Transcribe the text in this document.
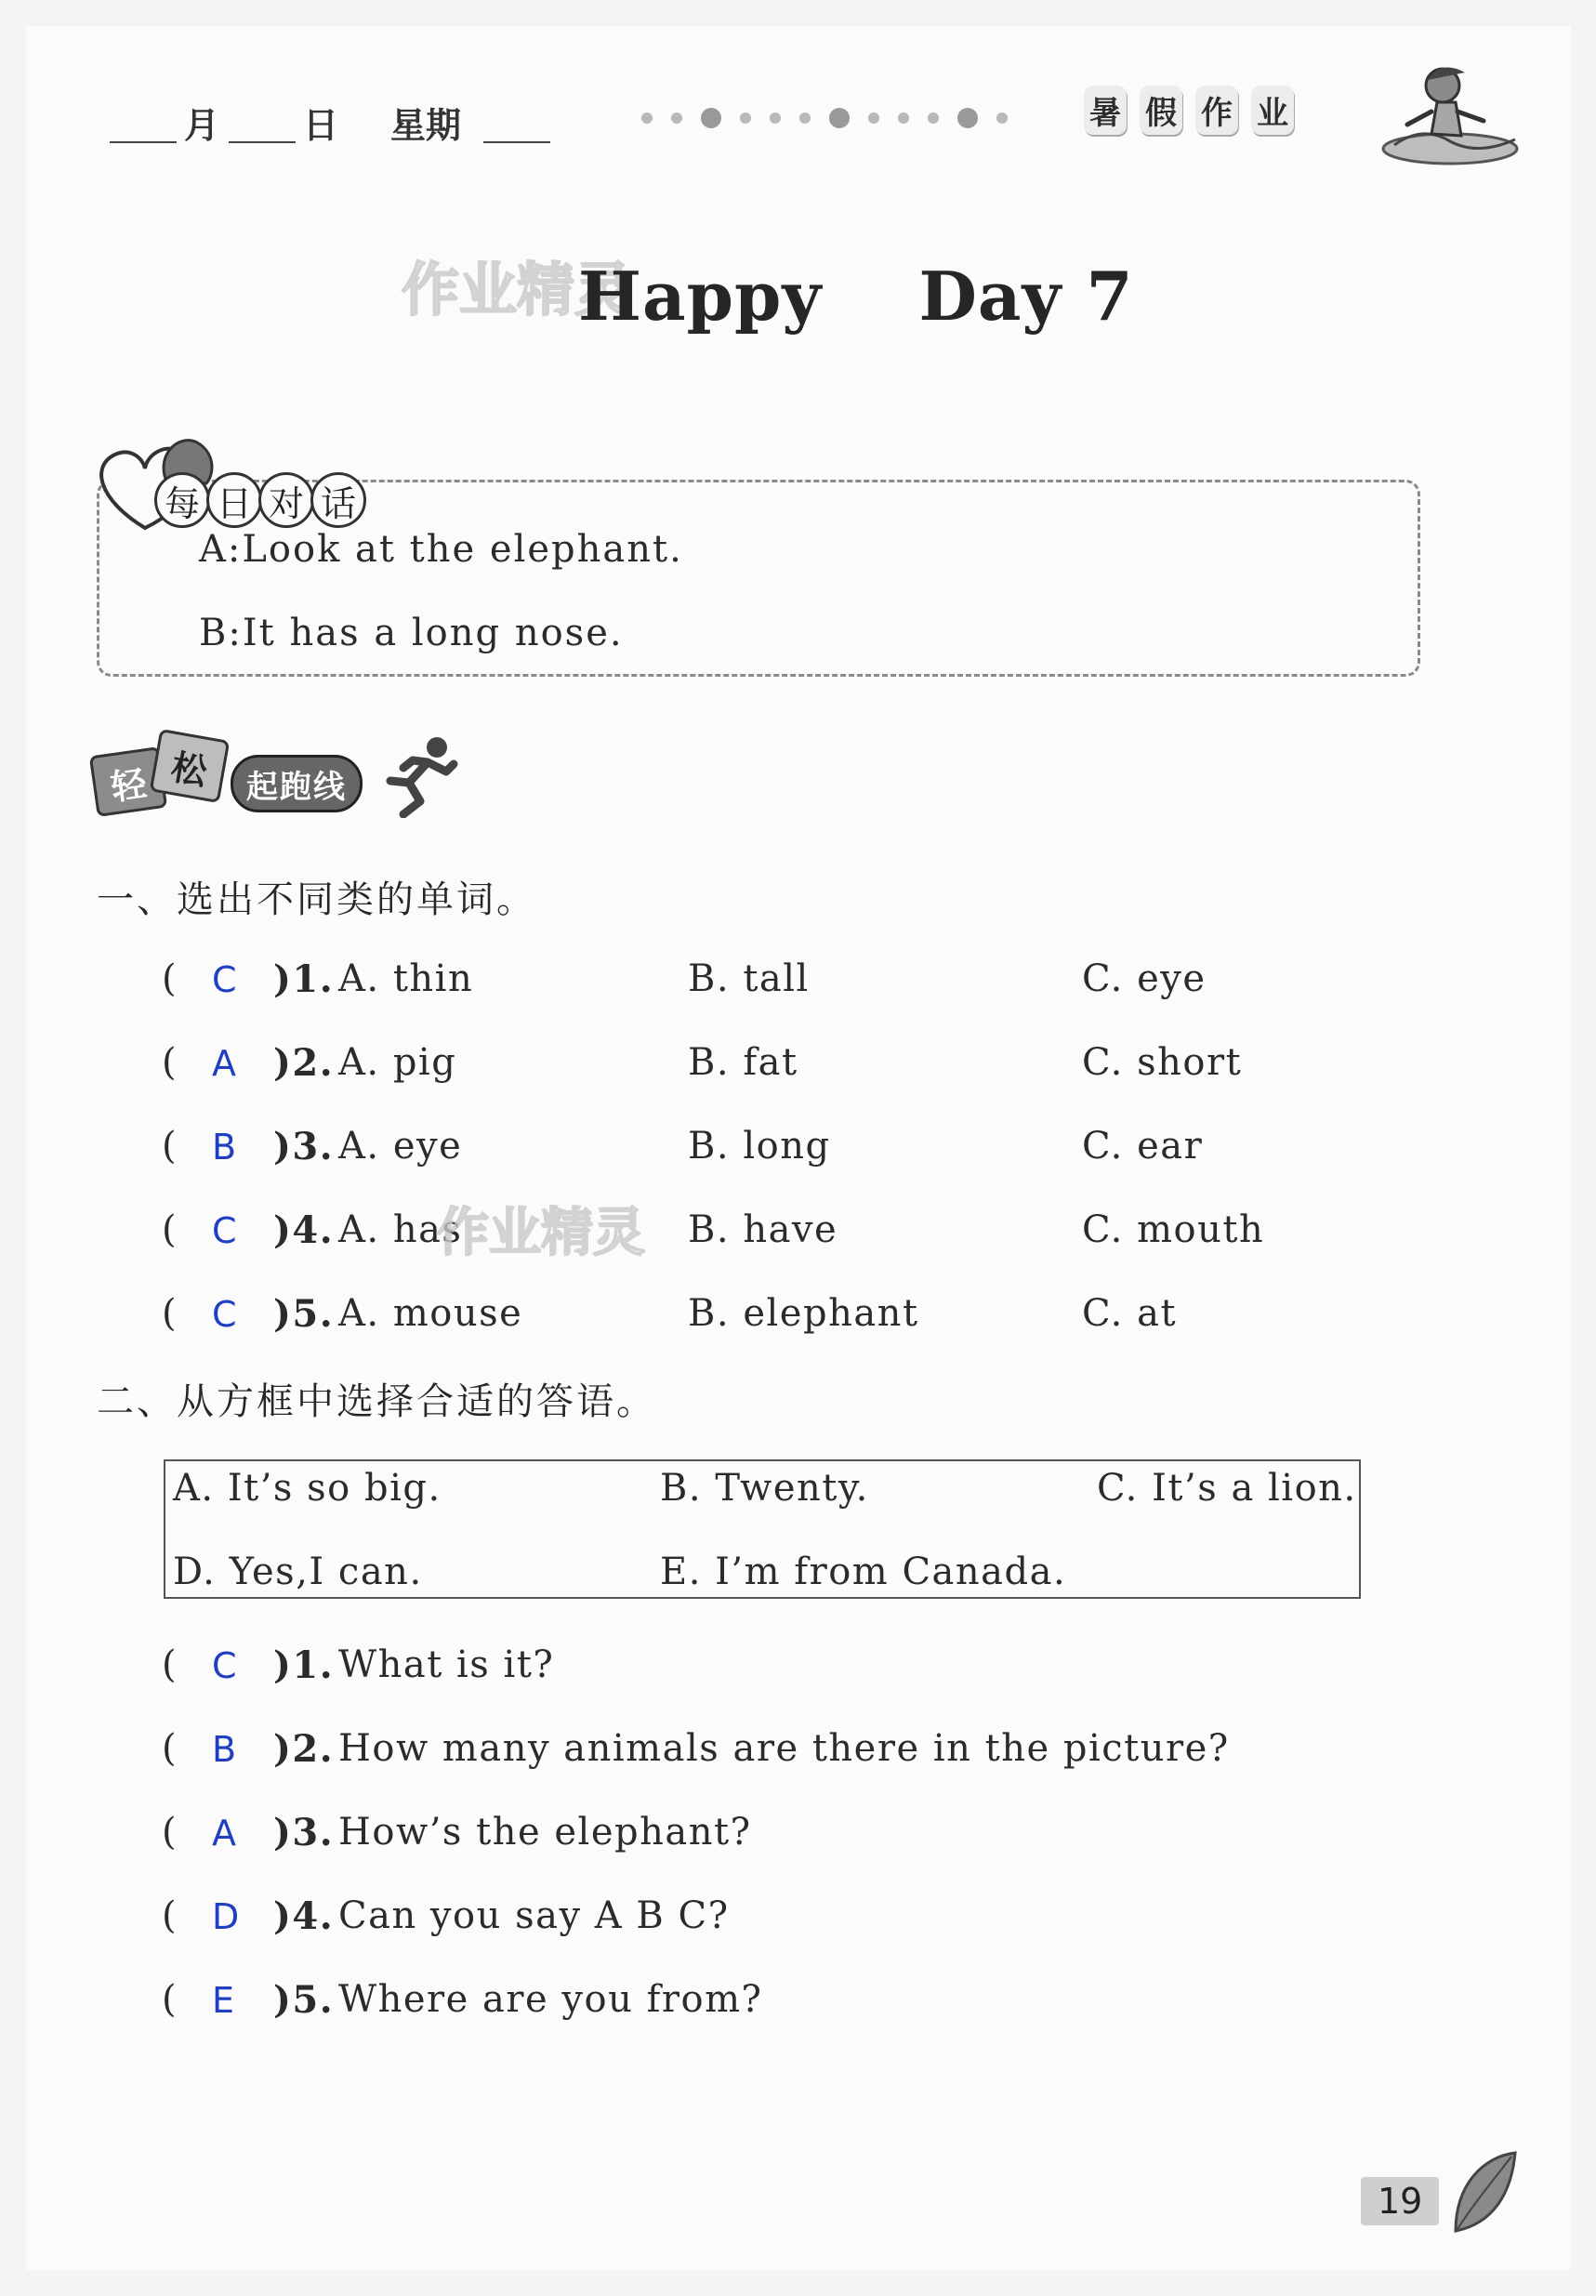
月 日 星期	暑 假 作 业
作业精灵
Happy    Day 7
每 日 对 话
A:Look at the elephant.
B:It has a long nose.
轻 松	起跑线
一、选出不同类的单词。
( C )1. A. thin	B. tall	C. eye
( A )2. A. pig	B. fat	C. short
( B )3. A. eye	B. long	C. ear
( C )4. A. has	B. have	C. mouth
( C )5. A. mouse	B. elephant	C. at
作业精灵
二、从方框中选择合适的答语。
A. It’s so big.	B. Twenty.	C. It’s a lion.
D. Yes,I can.	E. I’m from Canada.
( C )1. What is it?
( B )2. How many animals are there in the picture?
( A )3. How’s the elephant?
( D )4. Can you say A B C?
( E )5. Where are you from?
19
